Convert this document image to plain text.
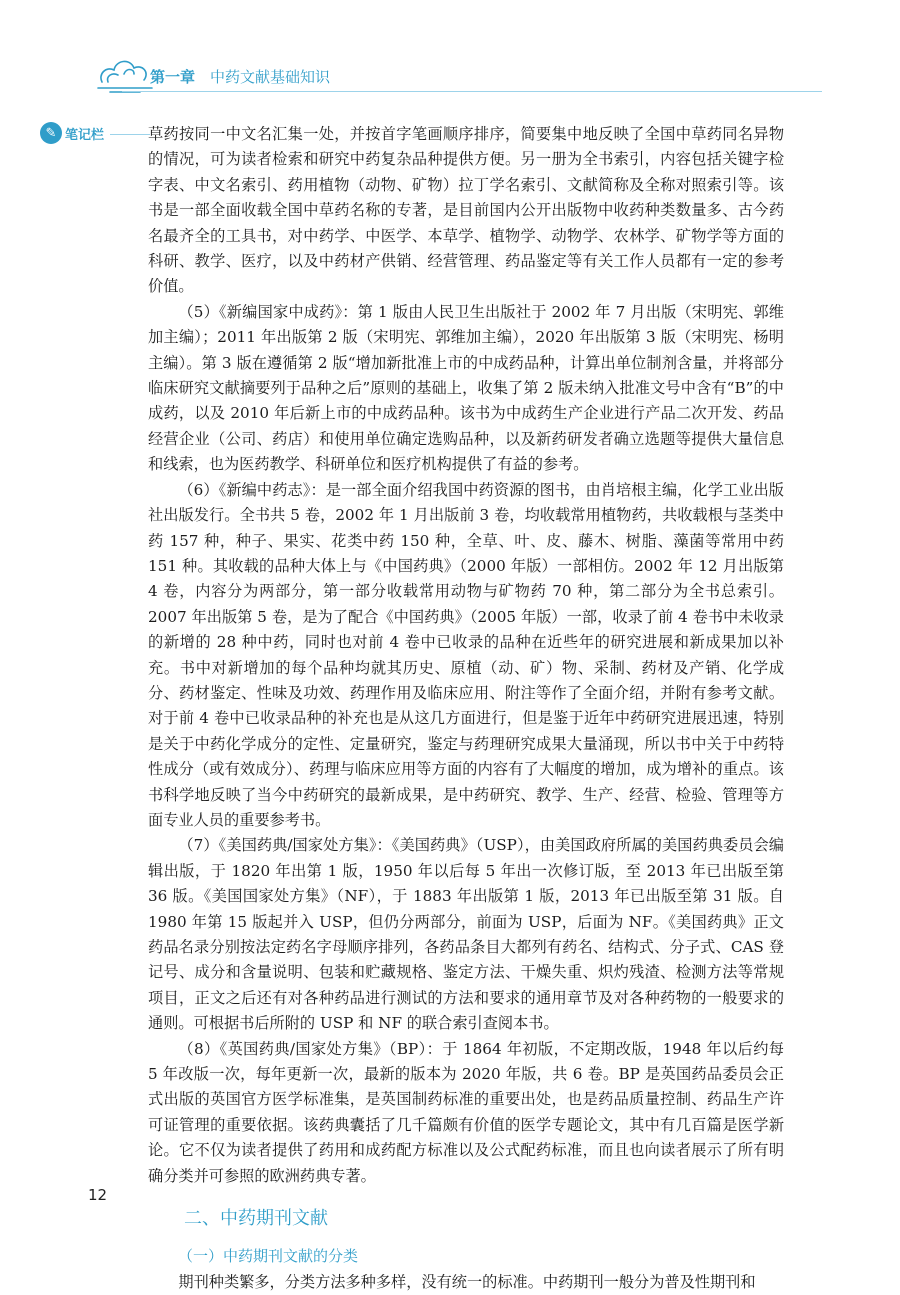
第一章 中药文献基础知识
✎ 笔记栏	草药按同一中文名汇集一处，并按首字笔画顺序排序，简要集中地反映了全国中草药同名异物的情况，可为读者检索和研究中药复杂品种提供方便。另一册为全书索引，内容包括关键字检字表、中文名索引、药用植物（动物、矿物）拉丁学名索引、文献简称及全称对照索引等。该书是一部全面收载全国中草药名称的专著，是目前国内公开出版物中收药种类数量多、古今药名最齐全的工具书，对中药学、中医学、本草学、植物学、动物学、农林学、矿物学等方面的科研、教学、医疗，以及中药材产供销、经营管理、药品鉴定等有关工作人员都有一定的参考价值。

（5）《新编国家中成药》：第 1 版由人民卫生出版社于 2002 年 7 月出版（宋明宪、郭维加主编）；2011 年出版第 2 版（宋明宪、郭维加主编），2020 年出版第 3 版（宋明宪、杨明主编）。第 3 版在遵循第 2 版“增加新批准上市的中成药品种，计算出单位制剂含量，并将部分临床研究文献摘要列于品种之后”原则的基础上，收集了第 2 版未纳入批准文号中含有“B”的中成药，以及 2010 年后新上市的中成药品种。该书为中成药生产企业进行产品二次开发、药品经营企业（公司、药店）和使用单位确定选购品种，以及新药研发者确立选题等提供大量信息和线索，也为医药教学、科研单位和医疗机构提供了有益的参考。

（6）《新编中药志》：是一部全面介绍我国中药资源的图书，由肖培根主编，化学工业出版社出版发行。全书共 5 卷，2002 年 1 月出版前 3 卷，均收载常用植物药，共收载根与茎类中药 157 种，种子、果实、花类中药 150 种，全草、叶、皮、藤木、树脂、藻菌等常用中药 151 种。其收载的品种大体上与《中国药典》（2000 年版）一部相仿。2002 年 12 月出版第 4 卷，内容分为两部分，第一部分收载常用动物与矿物药 70 种，第二部分为全书总索引。2007 年出版第 5 卷，是为了配合《中国药典》（2005 年版）一部，收录了前 4 卷书中未收录的新增的 28 种中药，同时也对前 4 卷中已收录的品种在近些年的研究进展和新成果加以补充。书中对新增加的每个品种均就其历史、原植（动、矿）物、采制、药材及产销、化学成分、药材鉴定、性味及功效、药理作用及临床应用、附注等作了全面介绍，并附有参考文献。对于前 4 卷中已收录品种的补充也是从这几方面进行，但是鉴于近年中药研究进展迅速，特别是关于中药化学成分的定性、定量研究，鉴定与药理研究成果大量涌现，所以书中关于中药特性成分（或有效成分）、药理与临床应用等方面的内容有了大幅度的增加，成为增补的重点。该书科学地反映了当今中药研究的最新成果，是中药研究、教学、生产、经营、检验、管理等方面专业人员的重要参考书。

（7）《美国药典/国家处方集》：《美国药典》（USP），由美国政府所属的美国药典委员会编辑出版，于 1820 年出第 1 版，1950 年以后每 5 年出一次修订版，至 2013 年已出版至第 36 版。《美国国家处方集》（NF），于 1883 年出版第 1 版，2013 年已出版至第 31 版。自 1980 年第 15 版起并入 USP，但仍分两部分，前面为 USP，后面为 NF。《美国药典》正文药品名录分别按法定药名字母顺序排列，各药品条目大都列有药名、结构式、分子式、CAS 登记号、成分和含量说明、包装和贮藏规格、鉴定方法、干燥失重、炽灼残渣、检测方法等常规项目，正文之后还有对各种药品进行测试的方法和要求的通用章节及对各种药物的一般要求的通则。可根据书后所附的 USP 和 NF 的联合索引查阅本书。

（8）《英国药典/国家处方集》（BP）：于 1864 年初版，不定期改版，1948 年以后约每 5 年改版一次，每年更新一次，最新的版本为 2020 年版，共 6 卷。BP 是英国药品委员会正式出版的英国官方医学标准集，是英国制药标准的重要出处，也是药品质量控制、药品生产许可证管理的重要依据。该药典囊括了几千篇颇有价值的医学专题论文，其中有几百篇是医学新论。它不仅为读者提供了药用和成药配方标准以及公式配药标准，而且也向读者展示了所有明确分类并可参照的欧洲药典专著。

二、中药期刊文献
（一）中药期刊文献的分类

期刊种类繁多，分类方法多种多样，没有统一的标准。中药期刊一般分为普及性期刊和

12
